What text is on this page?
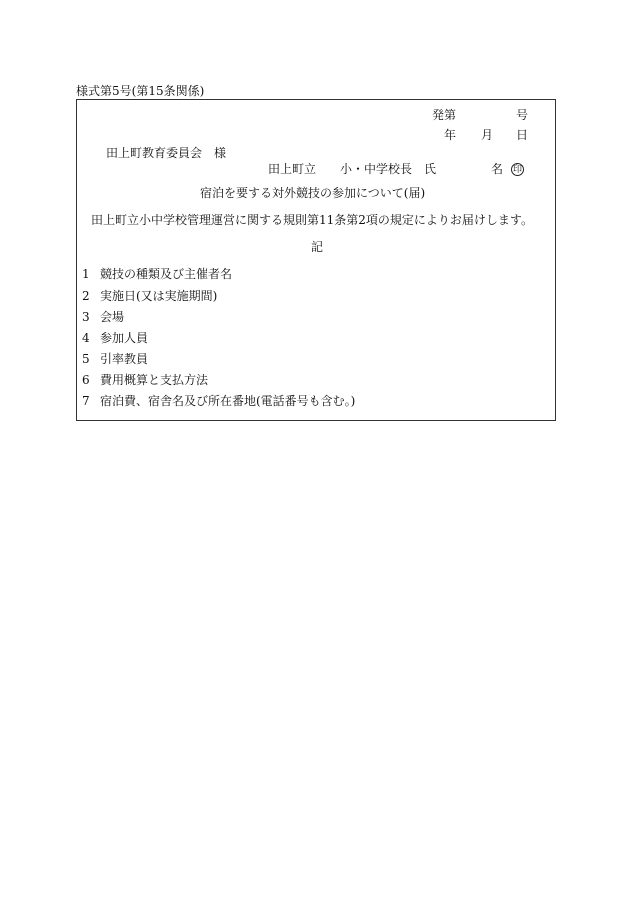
様式第5号(第15条関係)
発第	号
年 月 日
田上町教育委員会　様
田上町立 小・中学校長　氏	名 印
宿泊を要する対外競技の参加について(届)
田上町立小中学校管理運営に関する規則第11条第2項の規定によりお届けします。
記
1 競技の種類及び主催者名
2 実施日(又は実施期間)
3 会場
4 参加人員
5 引率教員
6 費用概算と支払方法
7 宿泊費、宿舎名及び所在番地(電話番号も含む。)
